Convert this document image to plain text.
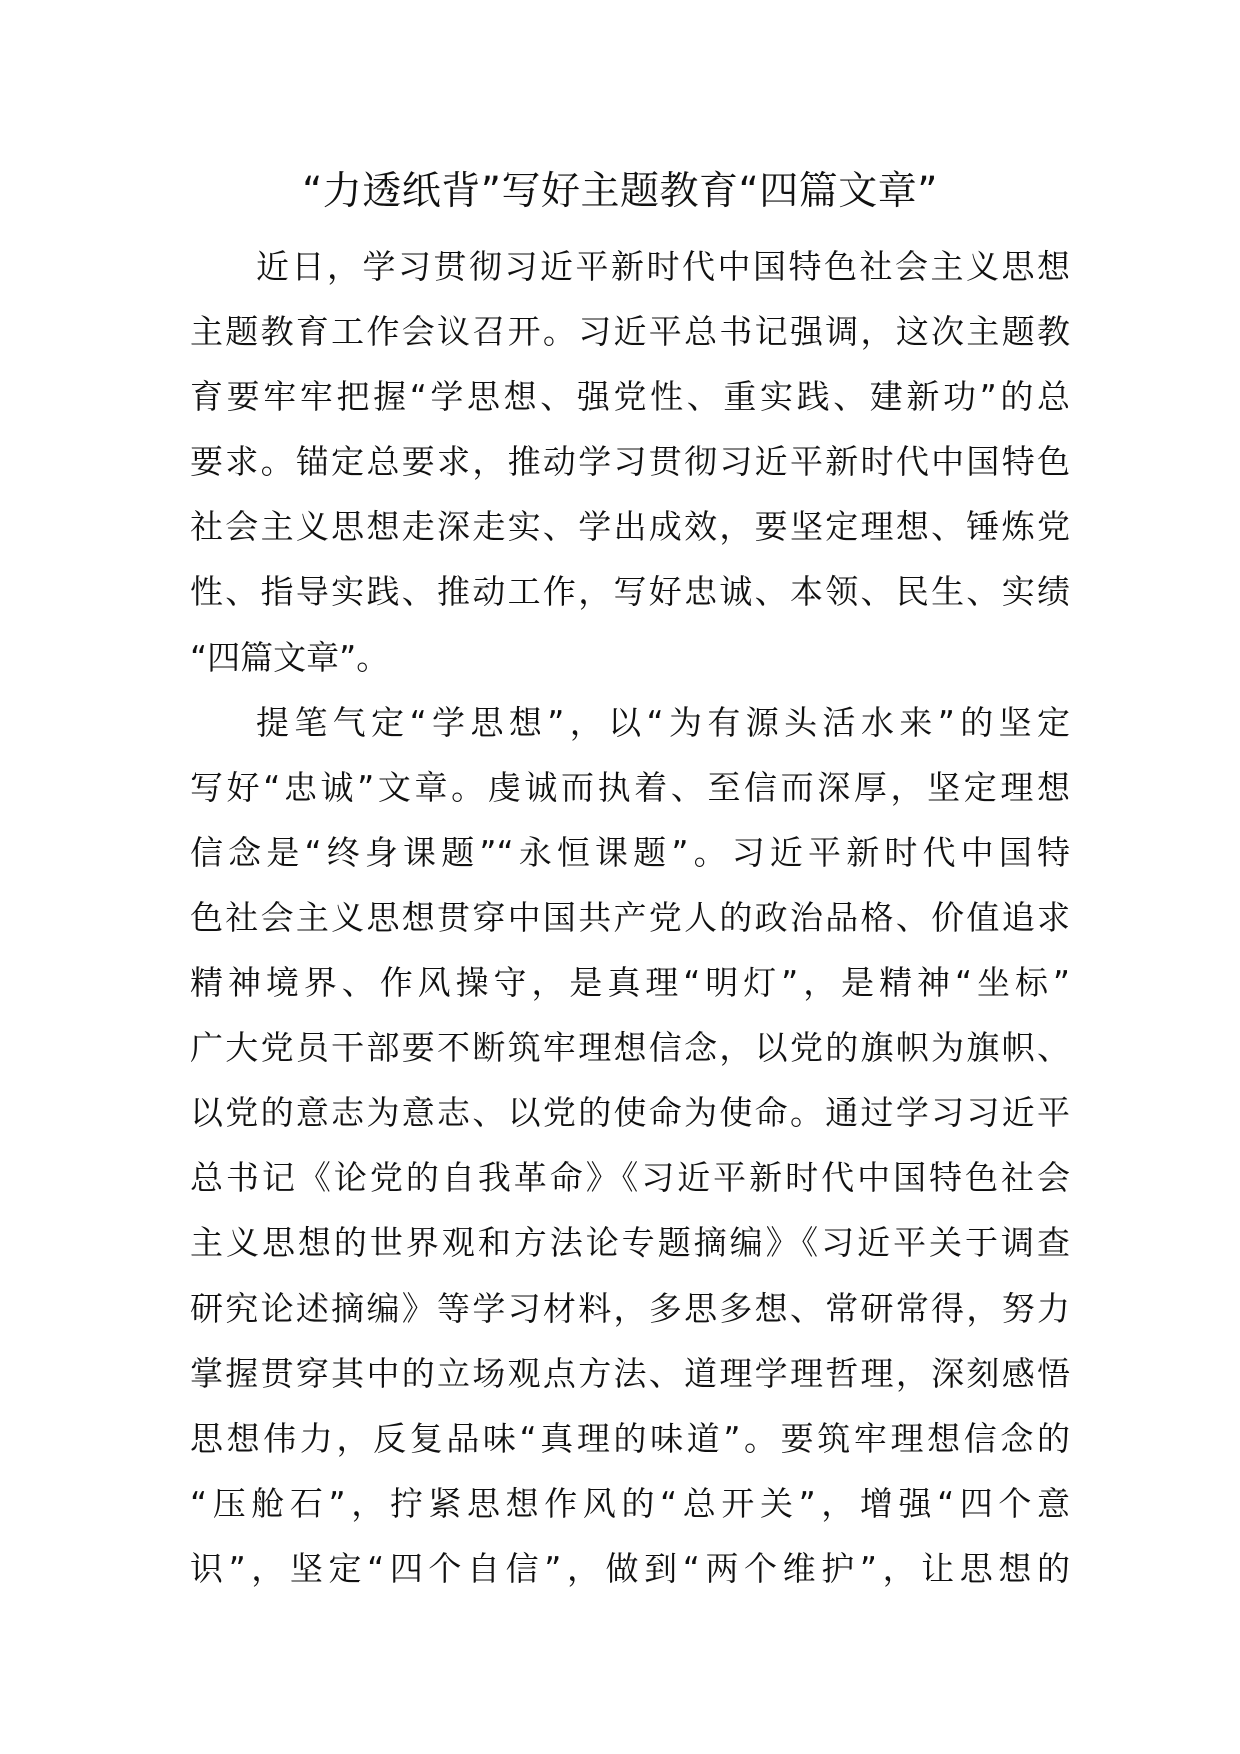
“力透纸背”写好主题教育“四篇文章”
近日，学习贯彻习近平新时代中国特色社会主义思想
主题教育工作会议召开。习近平总书记强调，这次主题教
育要牢牢把握“学思想、强党性、重实践、建新功”的总
要求。锚定总要求，推动学习贯彻习近平新时代中国特色
社会主义思想走深走实、学出成效，要坚定理想、锤炼党
性、指导实践、推动工作，写好忠诚、本领、民生、实绩
“四篇文章”。
提笔气定“学思想”，以“为有源头活水来”的坚定
写好“忠诚”文章。虔诚而执着、至信而深厚，坚定理想
信念是“终身课题”“永恒课题”。习近平新时代中国特
色社会主义思想贯穿中国共产党人的政治品格、价值追求
精神境界、作风操守，是真理“明灯”，是精神“坐标”
广大党员干部要不断筑牢理想信念，以党的旗帜为旗帜、
以党的意志为意志、以党的使命为使命。通过学习习近平
总书记《论党的自我革命》《习近平新时代中国特色社会
主义思想的世界观和方法论专题摘编》《习近平关于调查
研究论述摘编》等学习材料，多思多想、常研常得，努力
掌握贯穿其中的立场观点方法、道理学理哲理，深刻感悟
思想伟力，反复品味“真理的味道”。要筑牢理想信念的
“压舱石”，拧紧思想作风的“总开关”，增强“四个意
识”，坚定“四个自信”，做到“两个维护”，让思想的
